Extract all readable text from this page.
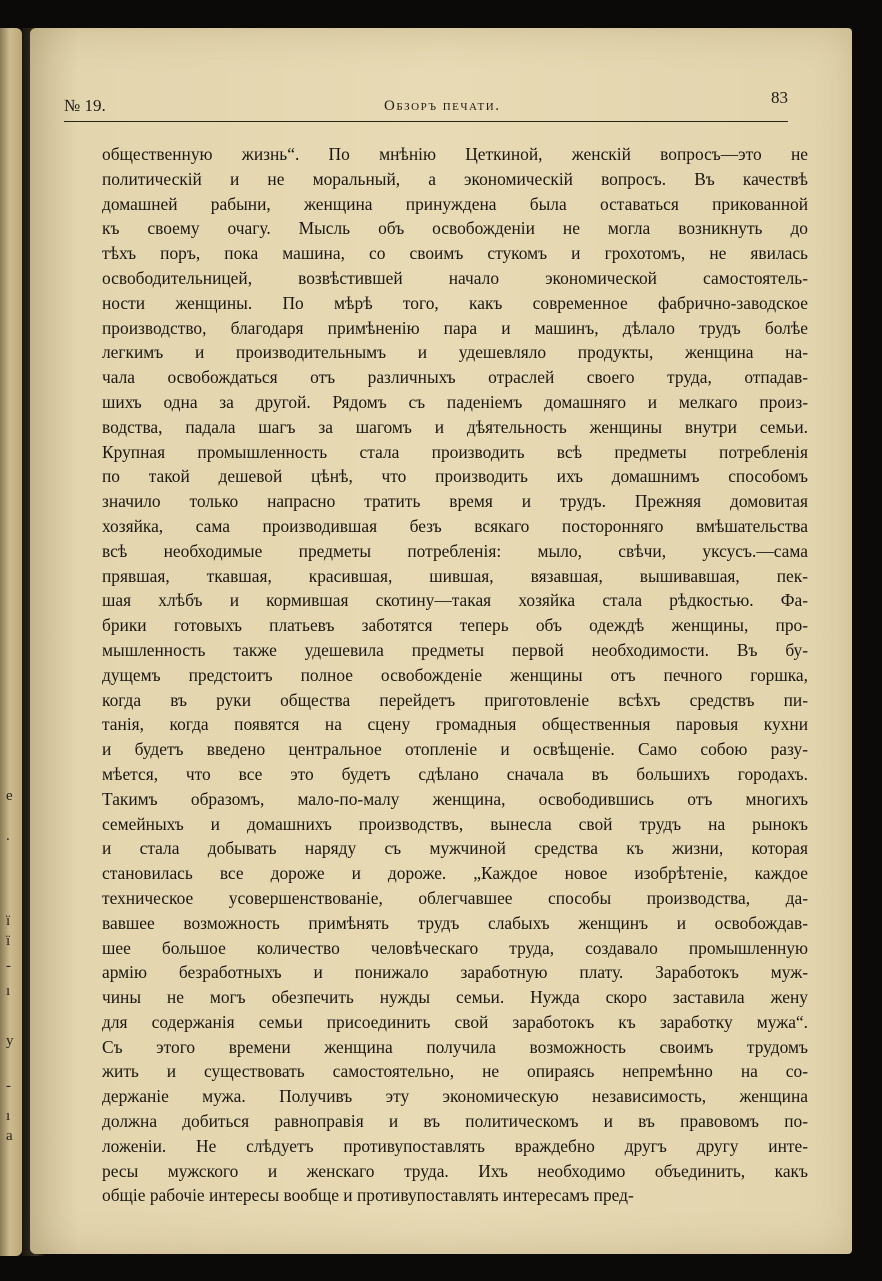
е
.
ï
ï
-
ı
у
-
ı
а
№ 19.	Обзоръ печати.	83
общественную жизнь“. По мнѣнію Цеткиной, женскій вопросъ—это не
политическій и не моральный, а экономическій вопросъ. Въ качествѣ
домашней рабыни, женщина принуждена была оставаться прикованной
къ своему очагу. Мысль объ освобожденіи не могла возникнуть до
тѣхъ поръ, пока машина, со своимъ стукомъ и грохотомъ, не явилась
освободительницей, возвѣстившей начало экономической самостоятель-
ности женщины. По мѣрѣ того, какъ современное фабрично-заводское
производство, благодаря примѣненію пара и машинъ, дѣлало трудъ болѣе
легкимъ и производительнымъ и удешевляло продукты, женщина на-
чала освобождаться отъ различныхъ отраслей своего труда, отпадав-
шихъ одна за другой. Рядомъ съ паденіемъ домашняго и мелкаго произ-
водства, падала шагъ за шагомъ и дѣятельность женщины внутри семьи.
Крупная промышленность стала производить всѣ предметы потребленія
по такой дешевой цѣнѣ, что производить ихъ домашнимъ способомъ
значило только напрасно тратить время и трудъ. Прежняя домовитая
хозяйка, сама производившая безъ всякаго посторонняго вмѣшательства
всѣ необходимые предметы потребленія: мыло, свѣчи, уксусъ.—сама
прявшая, ткавшая, красившая, шившая, вязавшая, вышивавшая, пек-
шая хлѣбъ и кормившая скотину—такая хозяйка стала рѣдкостью. Фа-
брики готовыхъ платьевъ заботятся теперь объ одеждѣ женщины, про-
мышленность также удешевила предметы первой необходимости. Въ бу-
дущемъ предстоитъ полное освобожденіе женщины отъ печного горшка,
когда въ руки общества перейдетъ приготовленіе всѣхъ средствъ пи-
танія, когда появятся на сцену громадныя общественныя паровыя кухни
и будетъ введено центральное отопленіе и освѣщеніе. Само собою разу-
мѣется, что все это будетъ сдѣлано сначала въ большихъ городахъ.
Такимъ образомъ, мало-по-малу женщина, освободившись отъ многихъ
семейныхъ и домашнихъ производствъ, вынесла свой трудъ на рынокъ
и стала добывать наряду съ мужчиной средства къ жизни, которая
становилась все дороже и дороже. „Каждое новое изобрѣтеніе, каждое
техническое усовершенствованіе, облегчавшее способы производства, да-
вавшее возможность примѣнять трудъ слабыхъ женщинъ и освобождав-
шее большое количество человѣческаго труда, создавало промышленную
армію безработныхъ и понижало заработную плату. Заработокъ муж-
чины не могъ обезпечить нужды семьи. Нужда скоро заставила жену
для содержанія семьи присоединить свой заработокъ къ заработку мужа“.
Съ этого времени женщина получила возможность своимъ трудомъ
жить и существовать самостоятельно, не опираясь непремѣнно на со-
держаніе мужа. Получивъ эту экономическую независимость, женщина
должна добиться равноправія и въ политическомъ и въ правовомъ по-
ложеніи. Не слѣдуетъ противупоставлять враждебно другъ другу инте-
ресы мужского и женскаго труда. Ихъ необходимо объединить, какъ
общіе рабочіе интересы вообще и противупоставлять интересамъ пред-
